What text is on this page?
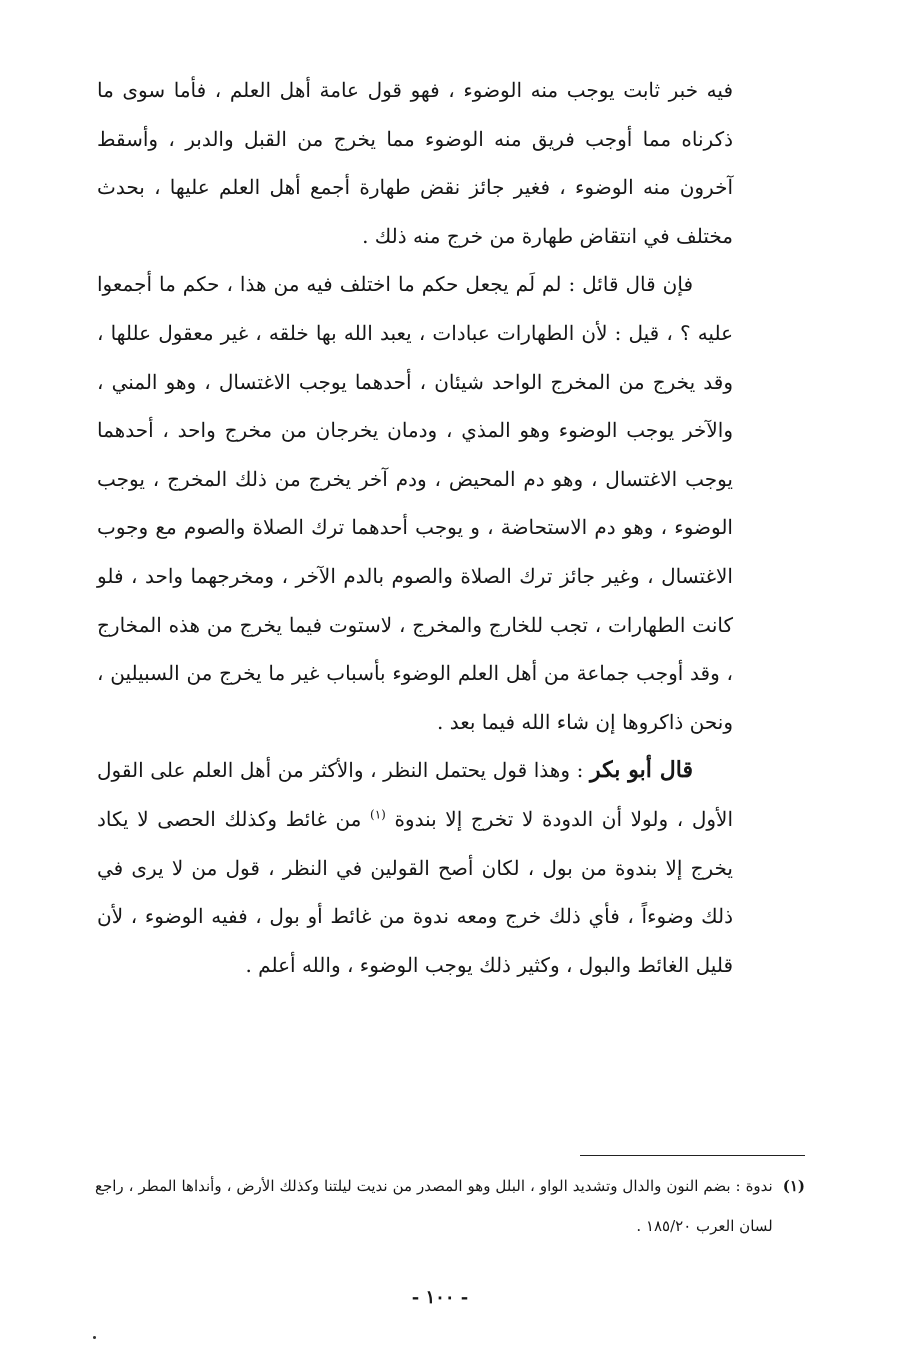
فيه خبر ثابت يوجب منه الوضوء ، فهو قول عامة أهل العلم ، فأما سوى ما ذكرناه مما أوجب فريق منه الوضوء مما يخرج من القبل والدبر ، وأسقط آخرون منه الوضوء ، فغير جائز نقض طهارة أجمع أهل العلم عليها ، بحدث مختلف في انتقاض طهارة من خرج منه ذلك .

فإن قال قائل : لم لَم يجعل حكم ما اختلف فيه من هذا ، حكم ما أجمعوا عليه ؟ ، قيل : لأن الطهارات عبادات ، يعبد الله بها خلقه ، غير معقول عللها ، وقد يخرج من المخرج الواحد شيئان ، أحدهما يوجب الاغتسال ، وهو المني ، والآخر يوجب الوضوء وهو المذي ، ودمان يخرجان من مخرج واحد ، أحدهما يوجب الاغتسال ، وهو دم المحيض ، ودم آخر يخرج من ذلك المخرج ، يوجب الوضوء ، وهو دم الاستحاضة ، و يوجب أحدهما ترك الصلاة والصوم مع وجوب الاغتسال ، وغير جائز ترك الصلاة والصوم بالدم الآخر ، ومخرجهما واحد ، فلو كانت الطهارات ، تجب للخارج والمخرج ، لاستوت فيما يخرج من هذه المخارج ، وقد أوجب جماعة من أهل العلم الوضوء بأسباب غير ما يخرج من السبيلين ، ونحن ذاكروها إن شاء الله فيما بعد .

قال أبو بكر : وهذا قول يحتمل النظر ، والأكثر من أهل العلم على القول الأول ، ولولا أن الدودة لا تخرج إلا بندوة $^{(١)}$ من غائط وكذلك الحصى لا يكاد يخرج إلا بندوة من بول ، لكان أصح القولين في النظر ، قول من لا يرى في ذلك وضوءاً ، فأي ذلك خرج ومعه ندوة من غائط أو بول ، ففيه الوضوء ، لأن قليل الغائط والبول ، وكثير ذلك يوجب الوضوء ، والله أعلم .

(١)
ندوة : بضم النون والدال وتشديد الواو ، البلل وهو المصدر من نديت ليلتنا وكذلك الأرض ، وأنداها المطر ، راجع لسان العرب ١٨٥/٢٠ .

- ١٠٠ -
